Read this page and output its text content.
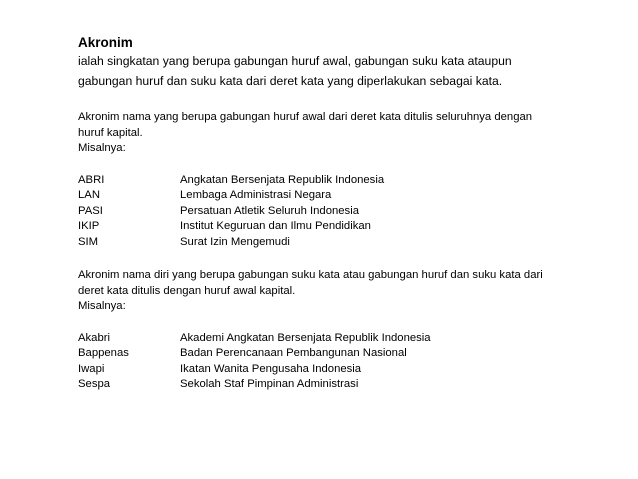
Akronim

ialah singkatan yang berupa gabungan huruf awal, gabungan suku kata ataupun

gabungan huruf dan suku kata dari deret kata yang diperlakukan sebagai kata.

Akronim nama yang berupa gabungan huruf awal dari deret kata ditulis seluruhnya dengan

huruf kapital.

Misalnya:

ABRI	Angkatan Bersenjata Republik Indonesia
LAN	Lembaga Administrasi Negara
PASI	Persatuan Atletik Seluruh Indonesia
IKIP	Institut Keguruan dan Ilmu Pendidikan
SIM	Surat Izin Mengemudi

Akronim nama diri yang berupa gabungan suku kata atau gabungan huruf dan suku kata dari

deret kata ditulis dengan huruf awal kapital.

Misalnya:

Akabri	Akademi Angkatan Bersenjata Republik Indonesia
Bappenas	Badan Perencanaan Pembangunan Nasional
Iwapi	Ikatan Wanita Pengusaha Indonesia
Sespa	Sekolah Staf Pimpinan Administrasi
